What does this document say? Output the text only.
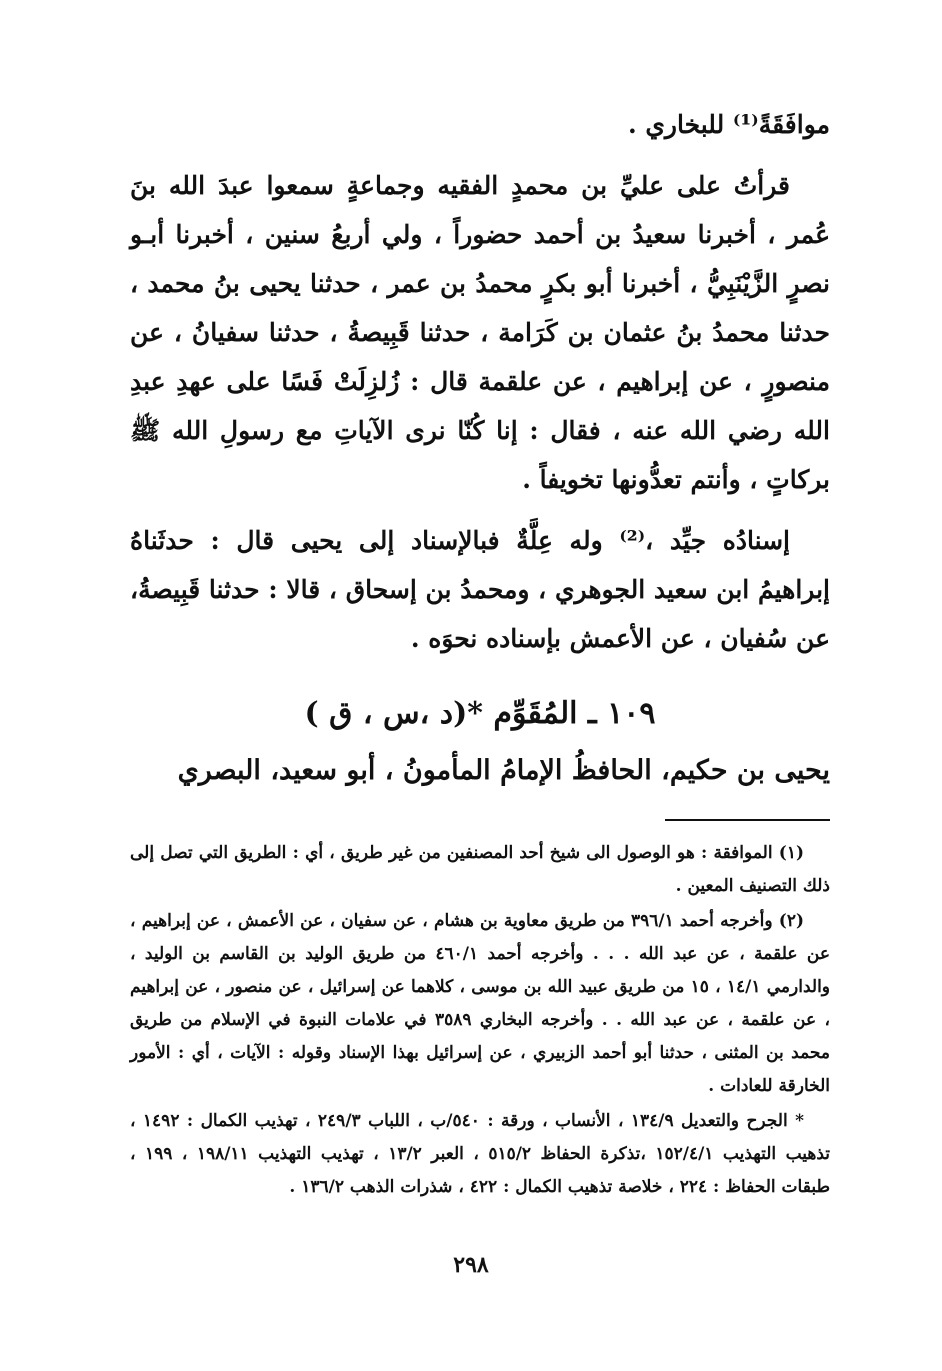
موافَقَةً⁽¹⁾ للبخاري .

قرأتُ على عليِّ بن محمدٍ الفقيه وجماعةٍ سمعوا عبدَ الله بنَ عُمر ، أخبرنا سعيدُ بن أحمد حضوراً ، ولي أربعُ سنين ، أخبرنا أبـو نصرٍ الزَّيْنَبِيُّ ، أخبرنا أبو بكرٍ محمدُ بن عمر ، حدثنا يحيى بنُ محمد ، حدثنا محمدُ بنُ عثمان بن كَرَامة ، حدثنا قَبِيصةُ ، حدثنا سفيانُ ، عن منصورٍ ، عن إبراهيم ، عن علقمة قال : زُلزِلَتْ فَسًا على عهدِ عبدِ الله رضي الله عنه ، فقال : إنا كُنّا نرى الآياتِ مع رسولِ الله ﷺ بركاتٍ ، وأنتم تعدُّونها تخويفاً .

إسنادُه جيِّد ،⁽²⁾ وله عِلَّةٌ فبالإسناد إلى يحيى قال : حدثَناهُ إبراهيمُ ابن سعيد الجوهري ، ومحمدُ بن إسحاق ، قالا : حدثنا قَبِيصةُ، عن سُفيان ، عن الأعمش بإسناده نحوَه .

١٠٩ ـ المُقَوِّم *(د ،س ، ق )

يحيى بن حكيم، الحافظُ الإمامُ المأمونُ ، أبو سعيد، البصري

(١) الموافقة : هو الوصول الى شيخ أحد المصنفين من غير طريق ، أي : الطريق التي تصل إلى ذلك التصنيف المعين .

(٢) وأخرجه أحمد ٣٩٦/١ من طريق معاوية بن هشام ، عن سفيان ، عن الأعمش ، عن إبراهيم ، عن علقمة ، عن عبد الله . . . وأخرجه أحمد ٤٦٠/١ من طريق الوليد بن القاسم بن الوليد ، والدارمي ١٤/١ ، ١٥ من طريق عبيد الله بن موسى ، كلاهما عن إسرائيل ، عن منصور ، عن إبراهيم ، عن علقمة ، عن عبد الله . . وأخرجه البخاري ٣٥٨٩ في علامات النبوة في الإسلام من طريق محمد بن المثنى ، حدثنا أبو أحمد الزبيري ، عن إسرائيل بهذا الإسناد وقوله : الآيات ، أي : الأمور الخارقة للعادات .

* الجرح والتعديل ١٣٤/٩ ، الأنساب ، ورقة : ٥٤٠/ب ، اللباب ٢٤٩/٣ ، تهذيب الكمال : ١٤٩٢ ، تذهيب التهذيب ١٥٢/٤/١ ،تذكرة الحفاظ ٥١٥/٢ ، العبر ١٣/٢ ، تهذيب التهذيب ١٩٨/١١ ، ١٩٩ ، طبقات الحفاظ : ٢٢٤ ، خلاصة تذهيب الكمال : ٤٢٢ ، شذرات الذهب ١٣٦/٢ .

٢٩٨
